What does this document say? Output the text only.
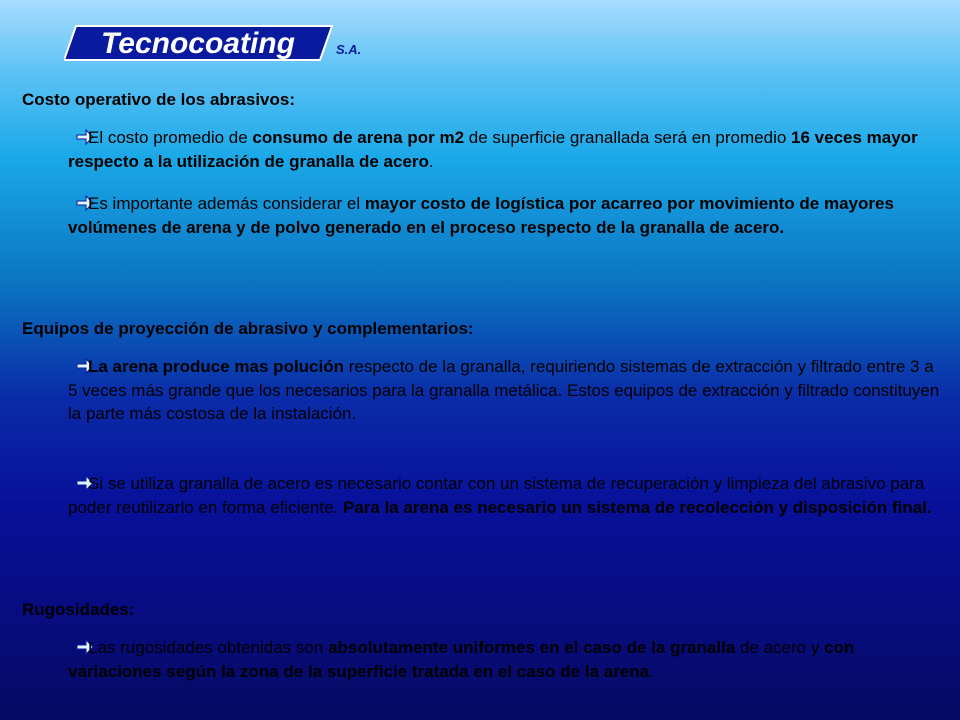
Tecnocoating	S.A.
Costo operativo de los abrasivos:
El costo promedio de consumo de arena por m2 de superficie granallada será en promedio 16 veces mayor respecto a la utilización de granalla de acero.
Es importante además considerar el mayor costo de logística por acarreo por movimiento de mayores volúmenes de arena y de polvo generado en el proceso respecto de la granalla de acero.
Equipos de proyección de abrasivo y complementarios:
La arena produce mas polución respecto de la granalla, requiriendo sistemas de extracción y filtrado entre 3 a 5 veces más grande que los necesarios para la granalla metálica. Estos equipos de extracción y filtrado constituyen la parte más costosa de la instalación.
Si se utiliza granalla de acero es necesario contar con un sistema de recuperación y limpieza del abrasivo para poder reutilizarlo en forma eficiente. Para la arena es necesario un sistema de recolección y disposición final.
Rugosidades:
Las rugosidades obtenidas son absolutamente uniformes en el caso de la granalla de acero y con variaciones según la zona de la superficie tratada en el caso de la arena.
